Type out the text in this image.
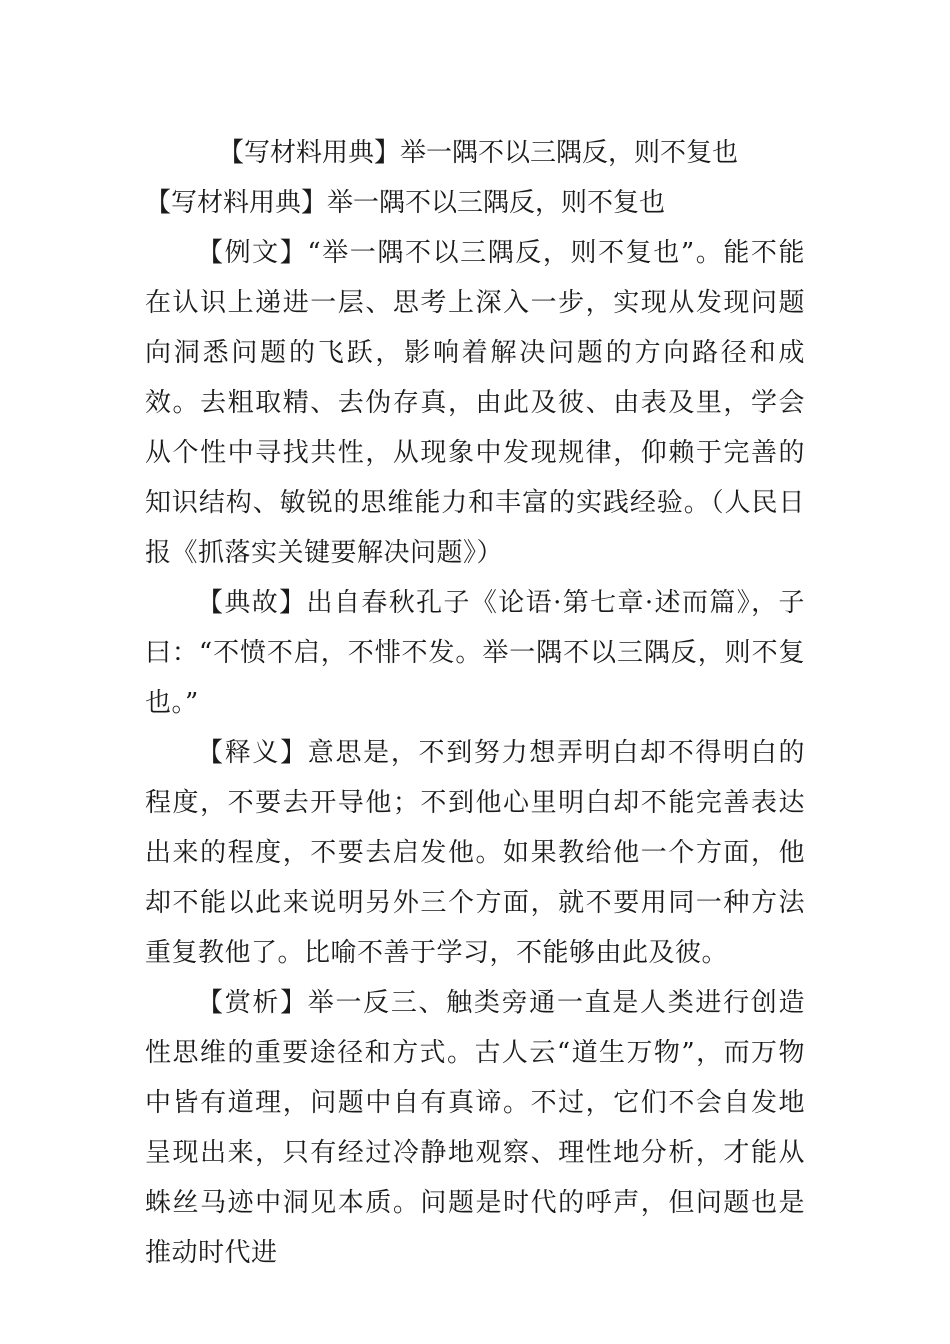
【写材料用典】举一隅不以三隅反，则不复也

【写材料用典】举一隅不以三隅反，则不复也

【例文】“举一隅不以三隅反，则不复也”。能不能在认识上递进一层、思考上深入一步，实现从发现问题向洞悉问题的飞跃，影响着解决问题的方向路径和成效。去粗取精、去伪存真，由此及彼、由表及里，学会从个性中寻找共性，从现象中发现规律，仰赖于完善的知识结构、敏锐的思维能力和丰富的实践经验。（人民日报《抓落实关键要解决问题》）

【典故】出自春秋孔子《论语·第七章·述而篇》，子曰：“不愤不启，不悱不发。举一隅不以三隅反，则不复也。”

【释义】意思是，不到努力想弄明白却不得明白的程度，不要去开导他；不到他心里明白却不能完善表达出来的程度，不要去启发他。如果教给他一个方面，他却不能以此来说明另外三个方面，就不要用同一种方法重复教他了。比喻不善于学习，不能够由此及彼。

【赏析】举一反三、触类旁通一直是人类进行创造性思维的重要途径和方式。古人云“道生万物”，而万物中皆有道理，问题中自有真谛。不过，它们不会自发地呈现出来，只有经过冷静地观察、理性地分析，才能从蛛丝马迹中洞见本质。问题是时代的呼声，但问题也是推动时代进
